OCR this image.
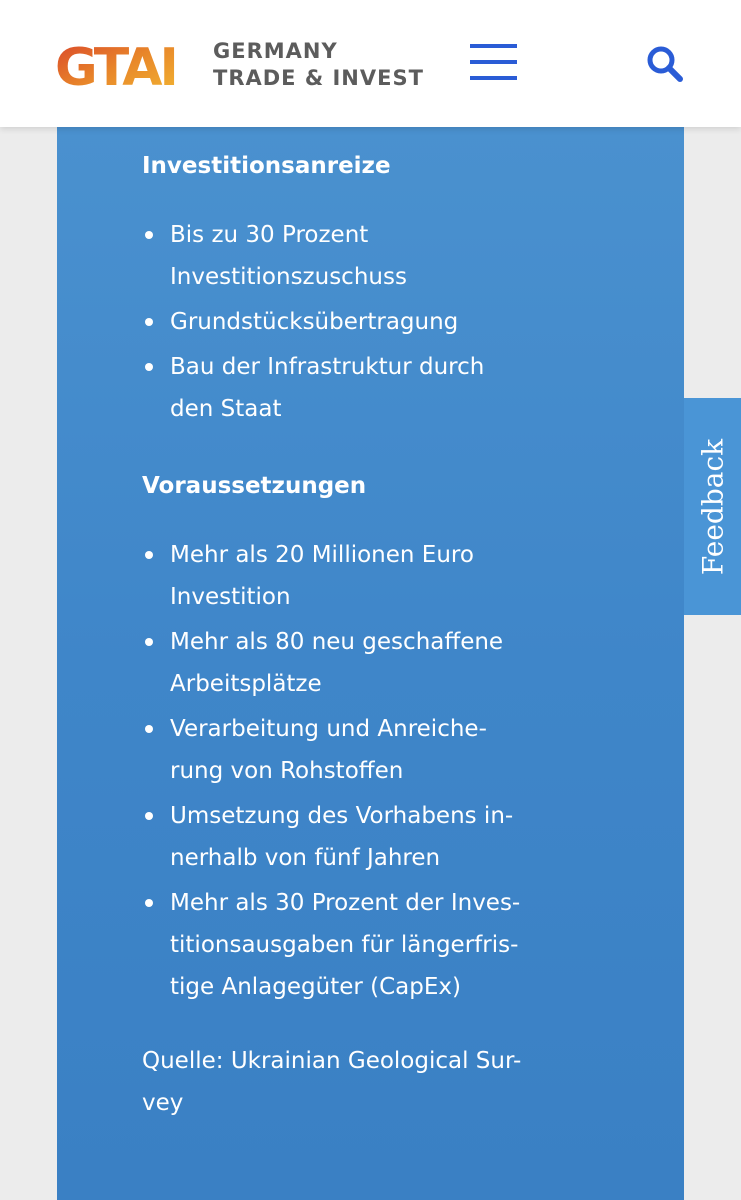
GTAI GERMANY
TRADE & INVEST
Investitionsanreize
Bis zu 30 Prozent
Investitionszuschuss
Grundstücksübertragung
Bau der Infrastruktur durch
den Staat
Voraussetzungen
Mehr als 20 Millionen Euro
Investition
Mehr als 80 neu geschaffene
Arbeitsplätze
Verarbeitung und Anreiche-
rung von Rohstoffen
Umsetzung des Vorhabens in-
nerhalb von fünf Jahren
Mehr als 30 Prozent der Inves-
titionsausgaben für längerfris-
tige Anlagegüter (CapEx)

Quelle: Ukrainian Geological Sur-
vey

Feedback
